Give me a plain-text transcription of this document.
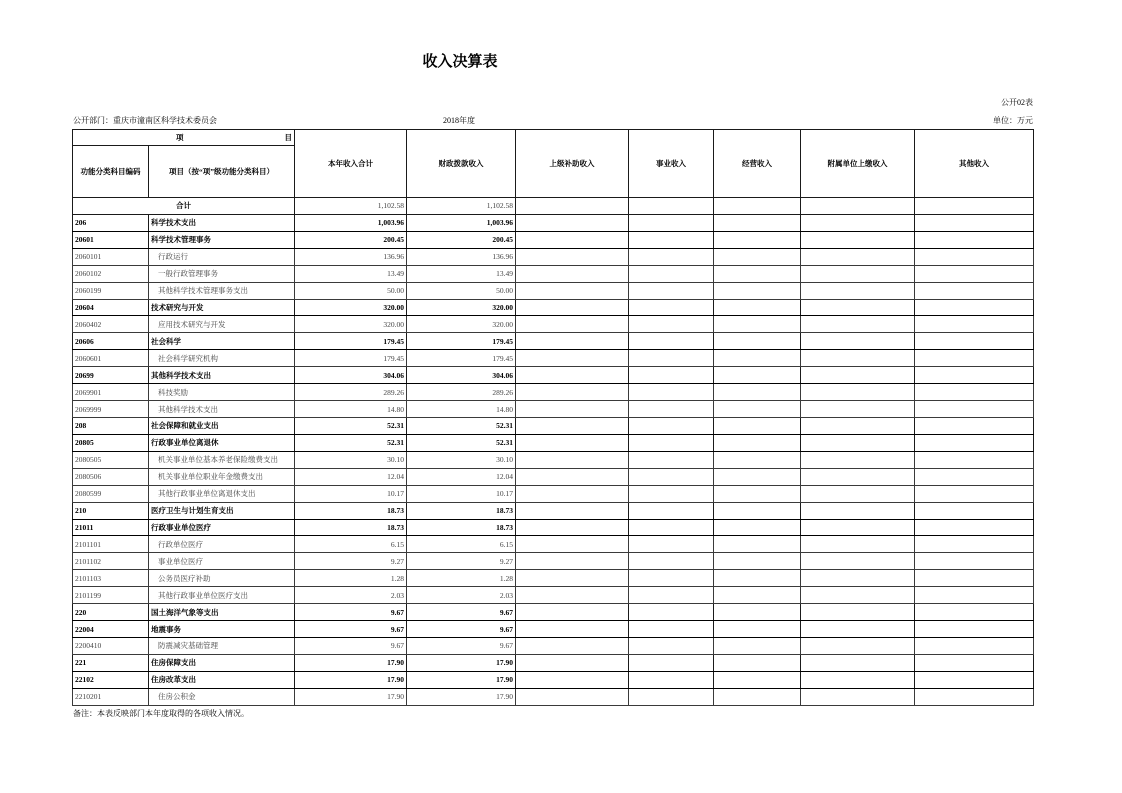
收入决算表
公开02表
公开部门：重庆市潼南区科学技术委员会	2018年度	单位：万元
项 目		本年收入合计	财政拨款收入	上级补助收入	事业收入	经营收入	附属单位上缴收入	其他收入
功能分类科目编码	项目（按“项”级功能分类科目）							
合计		1,102.58	1,102.58					
206	科学技术支出	1,003.96	1,003.96					
20601	科学技术管理事务	200.45	200.45					
2060101	行政运行	136.96	136.96					
2060102	一般行政管理事务	13.49	13.49					
2060199	其他科学技术管理事务支出	50.00	50.00					
20604	技术研究与开发	320.00	320.00					
2060402	应用技术研究与开发	320.00	320.00					
20606	社会科学	179.45	179.45					
2060601	社会科学研究机构	179.45	179.45					
20699	其他科学技术支出	304.06	304.06					
2069901	科技奖励	289.26	289.26					
2069999	其他科学技术支出	14.80	14.80					
208	社会保障和就业支出	52.31	52.31					
20805	行政事业单位离退休	52.31	52.31					
2080505	机关事业单位基本养老保险缴费支出	30.10	30.10					
2080506	机关事业单位职业年金缴费支出	12.04	12.04					
2080599	其他行政事业单位离退休支出	10.17	10.17					
210	医疗卫生与计划生育支出	18.73	18.73					
21011	行政事业单位医疗	18.73	18.73					
2101101	行政单位医疗	6.15	6.15					
2101102	事业单位医疗	9.27	9.27					
2101103	公务员医疗补助	1.28	1.28					
2101199	其他行政事业单位医疗支出	2.03	2.03					
220	国土海洋气象等支出	9.67	9.67					
22004	地震事务	9.67	9.67					
2200410	防震减灾基础管理	9.67	9.67					
221	住房保障支出	17.90	17.90					
22102	住房改革支出	17.90	17.90					
2210201	住房公积金	17.90	17.90					
备注：本表反映部门本年度取得的各项收入情况。
